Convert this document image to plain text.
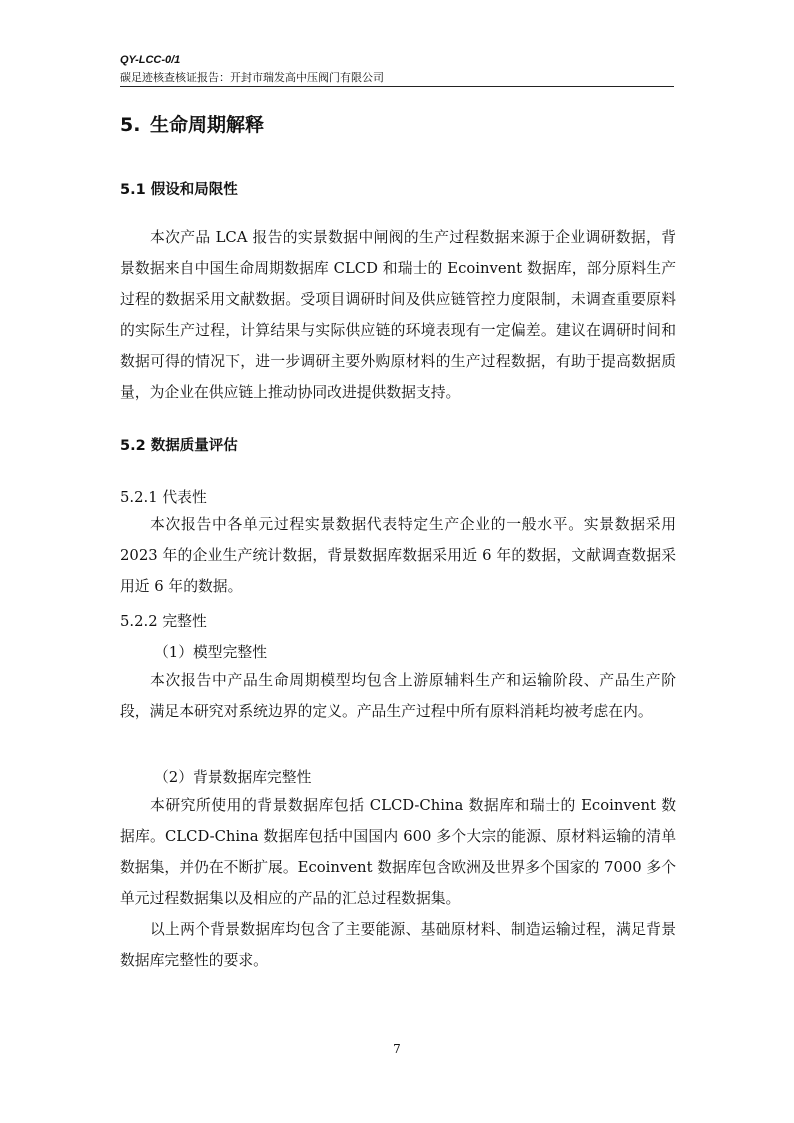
QY-LCC-0/1
碳足迹核查核证报告：开封市瑞发高中压阀门有限公司
5. 生命周期解释
5.1 假设和局限性

本次产品 LCA 报告的实景数据中闸阀的生产过程数据来源于企业调研数据，背景数据来自中国生命周期数据库 CLCD 和瑞士的 Ecoinvent 数据库，部分原料生产过程的数据采用文献数据。受项目调研时间及供应链管控力度限制，未调查重要原料的实际生产过程，计算结果与实际供应链的环境表现有一定偏差。建议在调研时间和数据可得的情况下，进一步调研主要外购原材料的生产过程数据，有助于提高数据质量，为企业在供应链上推动协同改进提供数据支持。

5.2 数据质量评估
5.2.1 代表性

本次报告中各单元过程实景数据代表特定生产企业的一般水平。实景数据采用 2023 年的企业生产统计数据，背景数据库数据采用近 6 年的数据，文献调查数据采用近 6 年的数据。

5.2.2 完整性
（1）模型完整性

本次报告中产品生命周期模型均包含上游原辅料生产和运输阶段、产品生产阶段，满足本研究对系统边界的定义。产品生产过程中所有原料消耗均被考虑在内。

（2）背景数据库完整性

本研究所使用的背景数据库包括 CLCD-China 数据库和瑞士的 Ecoinvent 数据库。CLCD-China 数据库包括中国国内 600 多个大宗的能源、原材料运输的清单数据集，并仍在不断扩展。Ecoinvent 数据库包含欧洲及世界多个国家的 7000 多个单元过程数据集以及相应的产品的汇总过程数据集。

以上两个背景数据库均包含了主要能源、基础原材料、制造运输过程，满足背景数据库完整性的要求。

7
